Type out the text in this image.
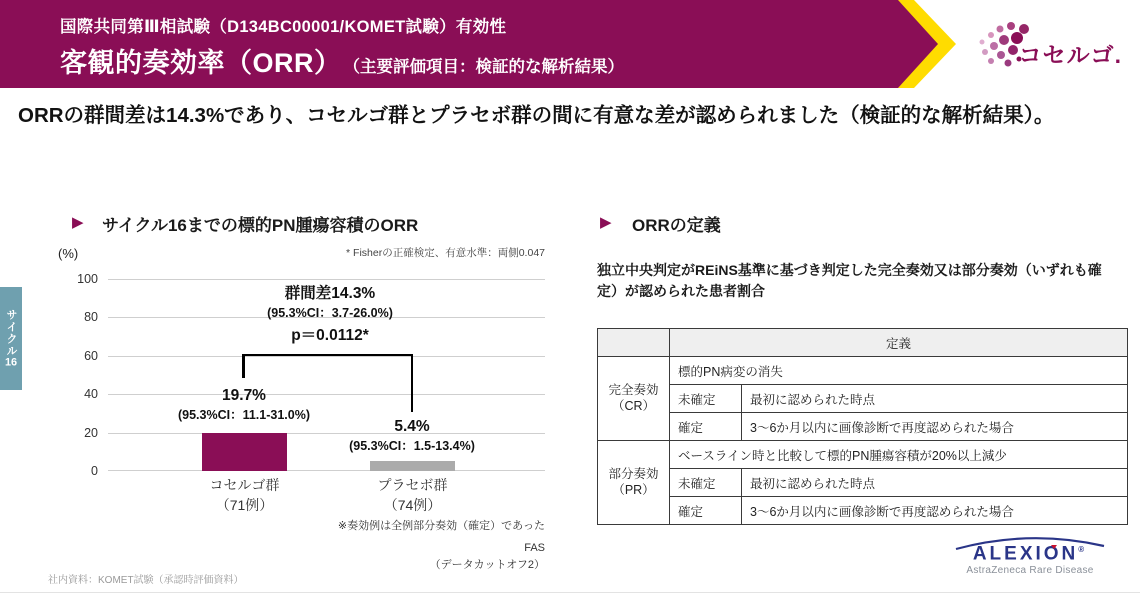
国際共同第Ⅲ相試験（D134BC00001/KOMET試験）有効性
客観的奏効率（ORR） （主要評価項目：検証的な解析結果）	コセルゴ.
ORRの群間差は14.3%であり、コセルゴ群とプラセボ群の間に有意な差が認められました（検証的な解析結果）。
▶ サイクル16までの標的PN腫瘍容積のORR	▶ ORRの定義
サイクル16
(%)	* Fisherの正確検定、有意水準：両側0.047
100
80
60
40
20
0
群間差14.3%
(95.3%CI：3.7-26.0%)
p＝0.0112*
19.7%
(95.3%CI：11.1-31.0%)
5.4%
(95.3%CI：1.5-13.4%)
コセルゴ群
（71例）
プラセボ群
（74例）
※奏効例は全例部分奏効（確定）であった
FAS
（データカットオフ2）
独立中央判定がREiNS基準に基づき判定した完全奏効又は部分奏効（いずれも確定）が認められた患者割合
	定義	

完全奏効
（CR）	標的PN病変の消失	
	未確定	最初に認められた時点
	確定	3～6か月以内に画像診断で再度認められた場合

部分奏効
（PR）	ベースライン時と比較して標的PN腫瘍容積が20%以上減少	
	未確定	最初に認められた時点
	確定	3～6か月以内に画像診断で再度認められた場合
社内資料：KOMET試験（承認時評価資料）
ALEXION®
AstraZeneca Rare Disease
